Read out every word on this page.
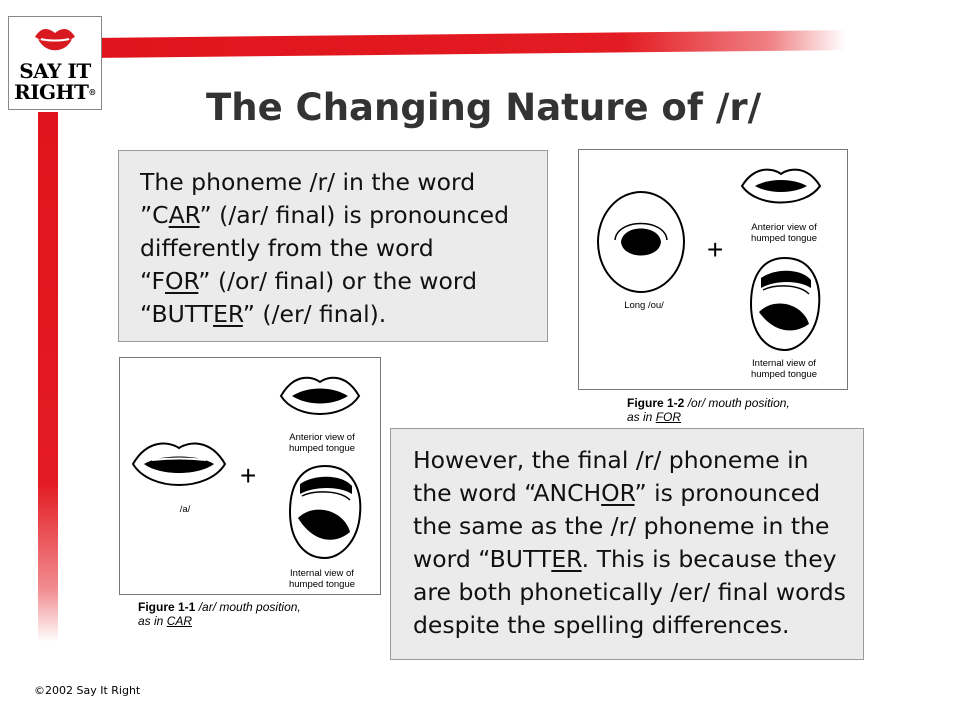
SAY IT
RIGHT®	The Changing Nature of /r/

The phoneme /r/ in the word

”CAR” (/ar/ final) is pronounced

differently from the word

“FOR” (/or/ final) or the word

“BUTTER” (/er/ final).	Long /ou/
+
Anterior view of
humped tongue
Internal view of
humped tongue
Figure 1-2 /or/ mouth position,
as in FOR
/a/
+
Anterior view of
humped tongue
Internal view of
humped tongue
Figure 1-1 /ar/ mouth position,
as in CAR

However, the final /r/ phoneme in

the word “ANCHOR” is pronounced

the same as the /r/ phoneme in the

word “BUTTER. This is because they

are both phonetically /er/ final words

despite the spelling differences.

©2002 Say It Right
